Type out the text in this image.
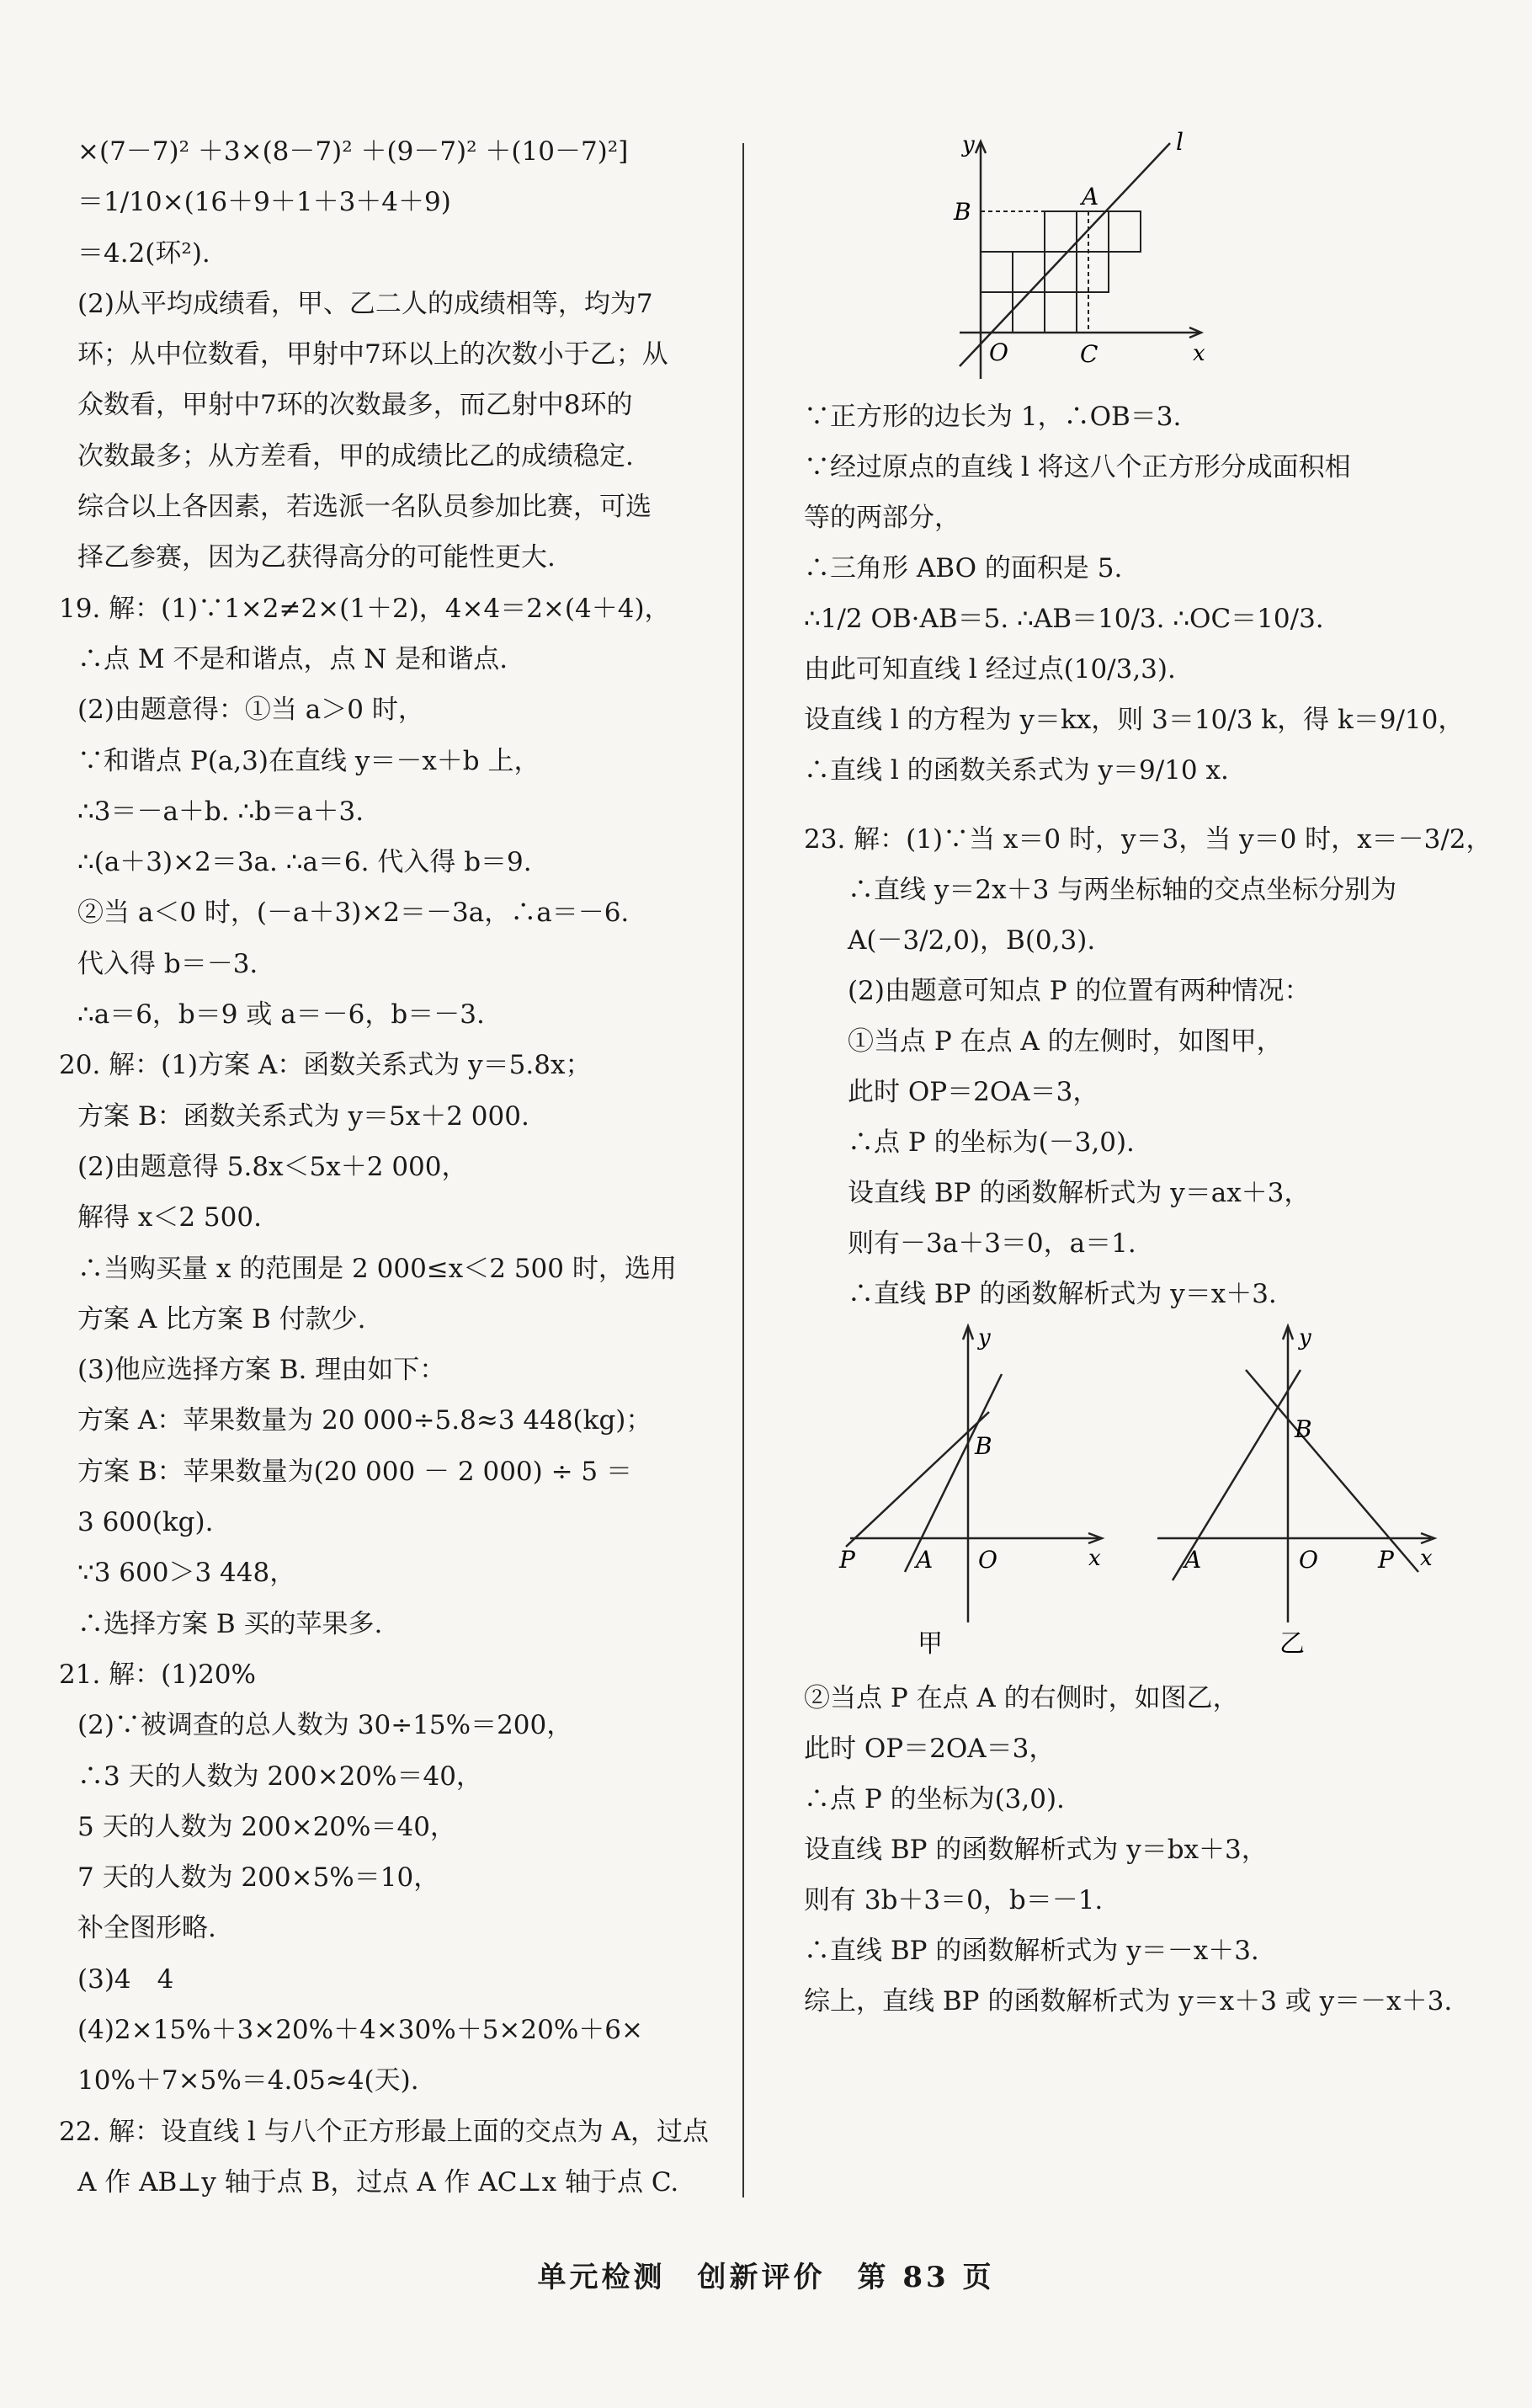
×(7－7)² ＋3×(8－7)² ＋(9－7)² ＋(10－7)²]
＝1/10×(16＋9＋1＋3＋4＋9)
＝4.2(环²).
(2)从平均成绩看，甲、乙二人的成绩相等，均为7
环；从中位数看，甲射中7环以上的次数小于乙；从
众数看，甲射中7环的次数最多，而乙射中8环的
次数最多；从方差看，甲的成绩比乙的成绩稳定.
综合以上各因素，若选派一名队员参加比赛，可选
择乙参赛，因为乙获得高分的可能性更大.
19. 解：(1)∵1×2≠2×(1＋2)，4×4＝2×(4＋4)，
∴点 M 不是和谐点，点 N 是和谐点.
(2)由题意得：①当 a＞0 时，
∵和谐点 P(a,3)在直线 y＝－x＋b 上，
∴3＝－a＋b. ∴b＝a＋3.
∴(a＋3)×2＝3a. ∴a＝6. 代入得 b＝9.
②当 a＜0 时，(－a＋3)×2＝－3a，∴a＝－6.
代入得 b＝－3.
∴a＝6，b＝9 或 a＝－6，b＝－3.
20. 解：(1)方案 A：函数关系式为 y＝5.8x；
方案 B：函数关系式为 y＝5x＋2 000.
(2)由题意得 5.8x＜5x＋2 000，
解得 x＜2 500.
∴当购买量 x 的范围是 2 000≤x＜2 500 时，选用
方案 A 比方案 B 付款少.
(3)他应选择方案 B. 理由如下：
方案 A：苹果数量为 20 000÷5.8≈3 448(kg)；
方案 B：苹果数量为(20 000 － 2 000) ÷ 5 ＝
3 600(kg).
∵3 600＞3 448，
∴选择方案 B 买的苹果多.
21. 解：(1)20%
(2)∵被调查的总人数为 30÷15%＝200，
∴3 天的人数为 200×20%＝40，
5 天的人数为 200×20%＝40，
7 天的人数为 200×5%＝10，
补全图形略.
(3)4　4
(4)2×15%＋3×20%＋4×30%＋5×20%＋6×
10%＋7×5%＝4.05≈4(天).
22. 解：设直线 l 与八个正方形最上面的交点为 A，过点
A 作 AB⊥y 轴于点 B，过点 A 作 AC⊥x 轴于点 C.
l
y
x
B
A
O	C
∵正方形的边长为 1，∴OB＝3.
∵经过原点的直线 l 将这八个正方形分成面积相
等的两部分，
∴三角形 ABO 的面积是 5.
∴1/2 OB·AB＝5. ∴AB＝10/3. ∴OC＝10/3.
由此可知直线 l 经过点(10/3,3).
设直线 l 的方程为 y＝kx，则 3＝10/3 k，得 k＝9/10，
∴直线 l 的函数关系式为 y＝9/10 x.
23. 解：(1)∵当 x＝0 时，y＝3，当 y＝0 时，x＝－3/2，
∴直线 y＝2x＋3 与两坐标轴的交点坐标分别为
A(－3/2,0)，B(0,3).
(2)由题意可知点 P 的位置有两种情况：
①当点 P 在点 A 的左侧时，如图甲，
此时 OP＝2OA＝3，
∴点 P 的坐标为(－3,0).
设直线 BP 的函数解析式为 y＝ax＋3，
则有－3a＋3＝0，a＝1.
∴直线 BP 的函数解析式为 y＝x＋3.
y
x
B
P	A O
甲
y
x
B
P
A	O
乙
②当点 P 在点 A 的右侧时，如图乙，
此时 OP＝2OA＝3，
∴点 P 的坐标为(3,0).
设直线 BP 的函数解析式为 y＝bx＋3，
则有 3b＋3＝0，b＝－1.
∴直线 BP 的函数解析式为 y＝－x＋3.
综上，直线 BP 的函数解析式为 y＝x＋3 或 y＝－x＋3.
单元检测　创新评价　第 83 页
